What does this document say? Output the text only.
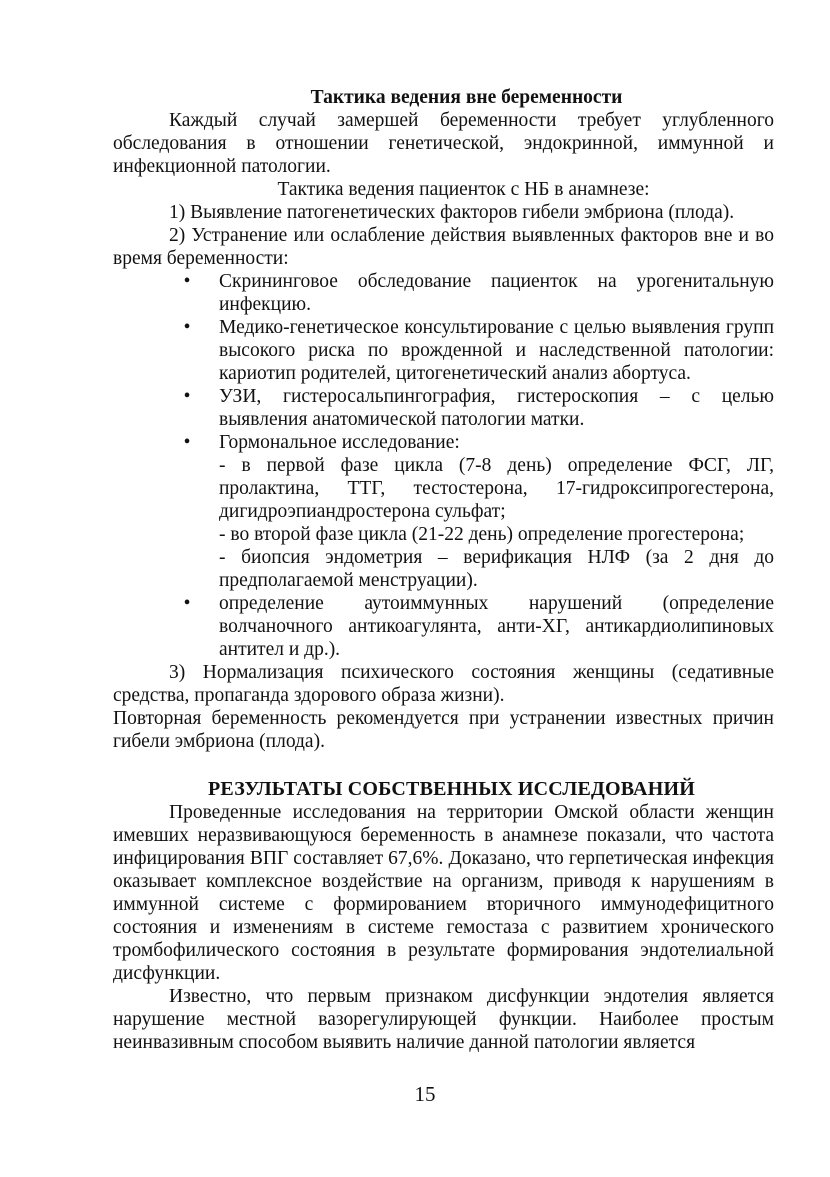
Тактика ведения вне беременности

Каждый случай замершей беременности требует углубленного обследования в отношении генетической, эндокринной, иммунной и инфекционной патологии.

Тактика ведения пациенток с НБ в анамнезе:

1) Выявление патогенетических факторов гибели эмбриона (плода).

2) Устранение или ослабление действия выявленных факторов вне и во время беременности:

• Скрининговое обследование пациенток на урогенитальную инфекцию.
• Медико-генетическое консультирование с целью выявления групп высокого риска по врожденной и наследственной патологии: кариотип родителей, цитогенетический анализ абортуса.
• УЗИ, гистеросальпингография, гистероскопия – с целью выявления анатомической патологии матки.
• Гормональное исследование:
- в первой фазе цикла (7-8 день) определение ФСГ, ЛГ, пролактина, ТТГ, тестостерона, 17-гидроксипрогестерона, дигидроэпиандростерона сульфат;
- во второй фазе цикла (21-22 день) определение прогестерона;
- биопсия эндометрия – верификация НЛФ (за 2 дня до предполагаемой менструации).
• определение аутоиммунных нарушений (определение волчаночного антикоагулянта, анти-ХГ, антикардиолипиновых антител и др.).

3) Нормализация психического состояния женщины (седативные средства, пропаганда здорового образа жизни).

Повторная беременность рекомендуется при устранении известных причин гибели эмбриона (плода).

РЕЗУЛЬТАТЫ СОБСТВЕННЫХ ИССЛЕДОВАНИЙ

Проведенные исследования на территории Омской области женщин имевших неразвивающуюся беременность в анамнезе показали, что частота инфицирования ВПГ составляет 67,6%. Доказано, что герпетическая инфекция оказывает комплексное воздействие на организм, приводя к нарушениям в иммунной системе с формированием вторичного иммунодефицитного состояния и изменениям в системе гемостаза с развитием хронического тромбофилического состояния в результате формирования эндотелиальной дисфункции.

Известно, что первым признаком дисфункции эндотелия является нарушение местной вазорегулирующей функции. Наиболее простым неинвазивным способом выявить наличие данной патологии является

15
